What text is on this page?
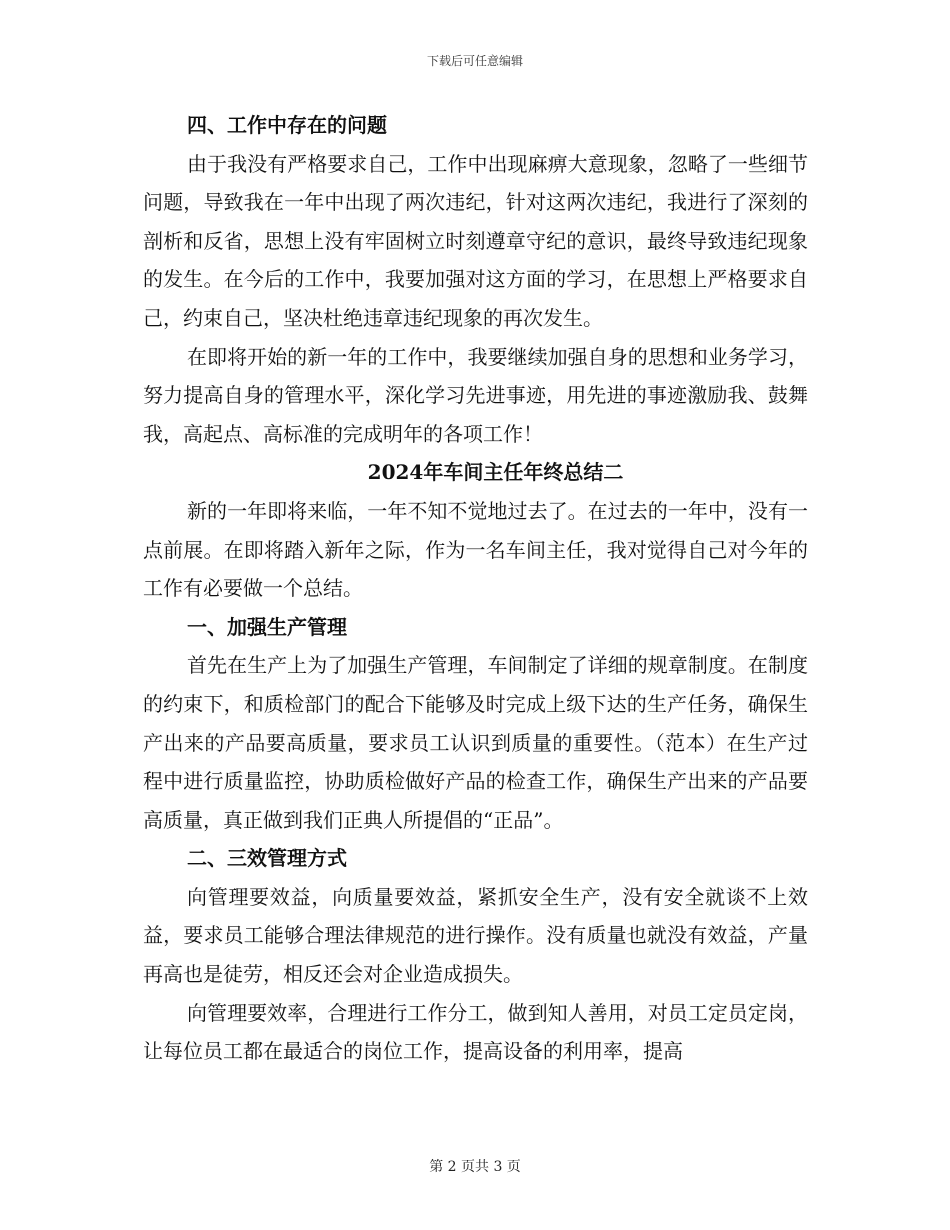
下载后可任意编辑

四、工作中存在的问题

由于我没有严格要求自己，工作中出现麻痹大意现象，忽略了一些细节问题，导致我在一年中出现了两次违纪，针对这两次违纪，我进行了深刻的剖析和反省，思想上没有牢固树立时刻遵章守纪的意识，最终导致违纪现象的发生。在今后的工作中，我要加强对这方面的学习，在思想上严格要求自己，约束自己，坚决杜绝违章违纪现象的再次发生。

在即将开始的新一年的工作中，我要继续加强自身的思想和业务学习，努力提高自身的管理水平，深化学习先进事迹，用先进的事迹激励我、鼓舞我，高起点、高标准的完成明年的各项工作！

2024年车间主任年终总结二

新的一年即将来临，一年不知不觉地过去了。在过去的一年中，没有一点前展。在即将踏入新年之际，作为一名车间主任，我对觉得自己对今年的工作有必要做一个总结。

一、加强生产管理

首先在生产上为了加强生产管理，车间制定了详细的规章制度。在制度的约束下，和质检部门的配合下能够及时完成上级下达的生产任务，确保生产出来的产品要高质量，要求员工认识到质量的重要性。（范本）在生产过程中进行质量监控，协助质检做好产品的检查工作，确保生产出来的产品要高质量，真正做到我们正典人所提倡的“正品”。

二、三效管理方式

向管理要效益，向质量要效益，紧抓安全生产，没有安全就谈不上效益，要求员工能够合理法律规范的进行操作。没有质量也就没有效益，产量再高也是徒劳，相反还会对企业造成损失。

向管理要效率，合理进行工作分工，做到知人善用，对员工定员定岗，让每位员工都在最适合的岗位工作，提高设备的利用率，提高

第 2 页共 3 页
